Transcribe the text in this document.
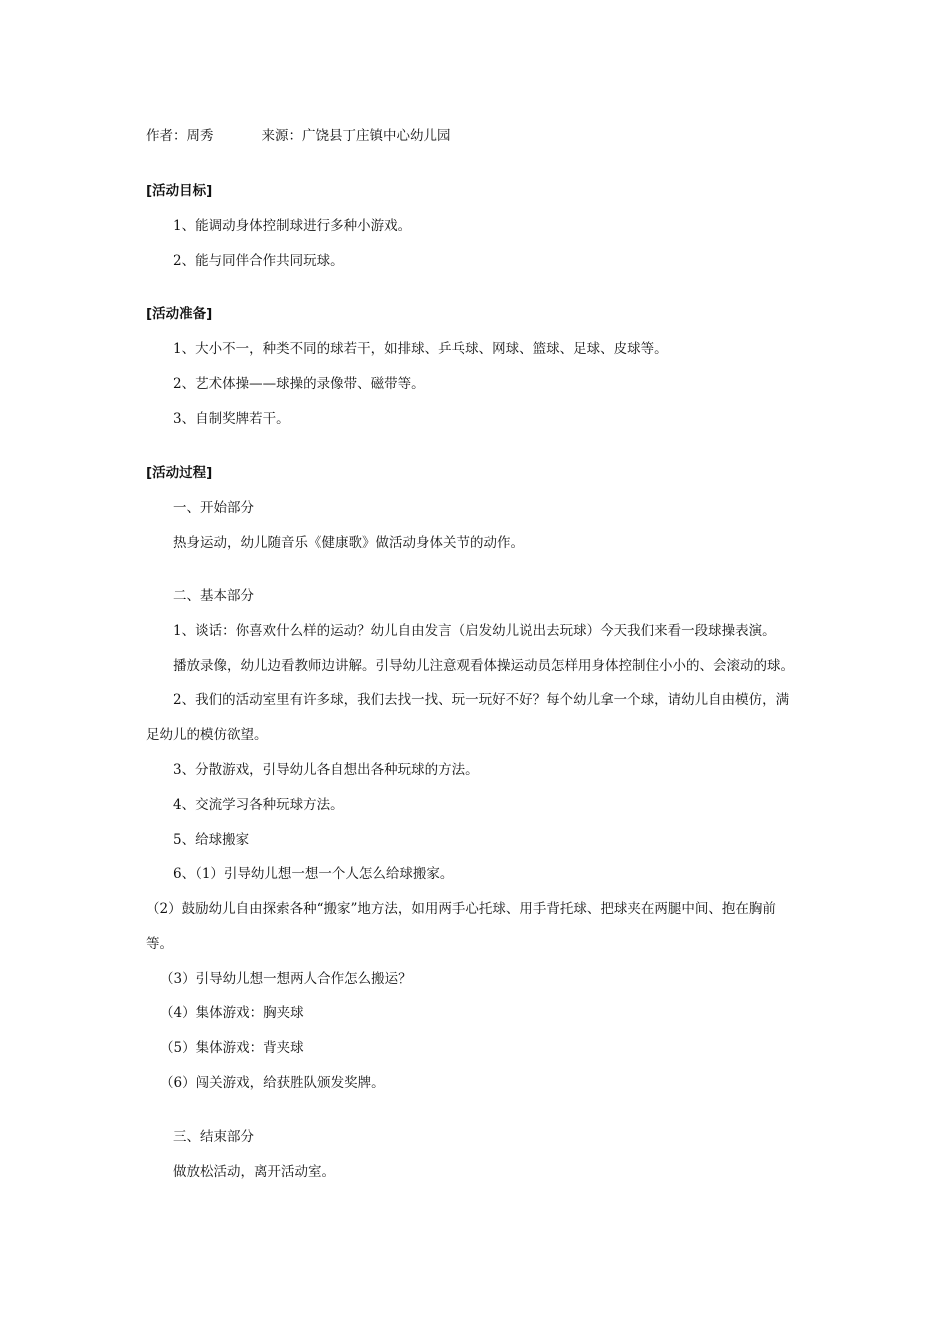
作者：周秀	来源：广饶县丁庄镇中心幼儿园
[活动目标]
1、能调动身体控制球进行多种小游戏。
2、能与同伴合作共同玩球。
[活动准备]
1、大小不一，种类不同的球若干，如排球、乒乓球、网球、篮球、足球、皮球等。
2、艺术体操——球操的录像带、磁带等。
3、自制奖牌若干。
[活动过程]
一、开始部分
热身运动，幼儿随音乐《健康歌》做活动身体关节的动作。
二、基本部分
1、谈话：你喜欢什么样的运动？幼儿自由发言（启发幼儿说出去玩球）今天我们来看一段球操表演。
播放录像，幼儿边看教师边讲解。引导幼儿注意观看体操运动员怎样用身体控制住小小的、会滚动的球。
2、我们的活动室里有许多球，我们去找一找、玩一玩好不好？每个幼儿拿一个球，请幼儿自由模仿，满
足幼儿的模仿欲望。
3、分散游戏，引导幼儿各自想出各种玩球的方法。
4、交流学习各种玩球方法。
5、给球搬家
6、（1）引导幼儿想一想一个人怎么给球搬家。
（2）鼓励幼儿自由探索各种“搬家”地方法，如用两手心托球、用手背托球、把球夹在两腿中间、抱在胸前
等。
（3）引导幼儿想一想两人合作怎么搬运？
（4）集体游戏：胸夹球
（5）集体游戏：背夹球
（6）闯关游戏，给获胜队颁发奖牌。
三、结束部分
做放松活动，离开活动室。
